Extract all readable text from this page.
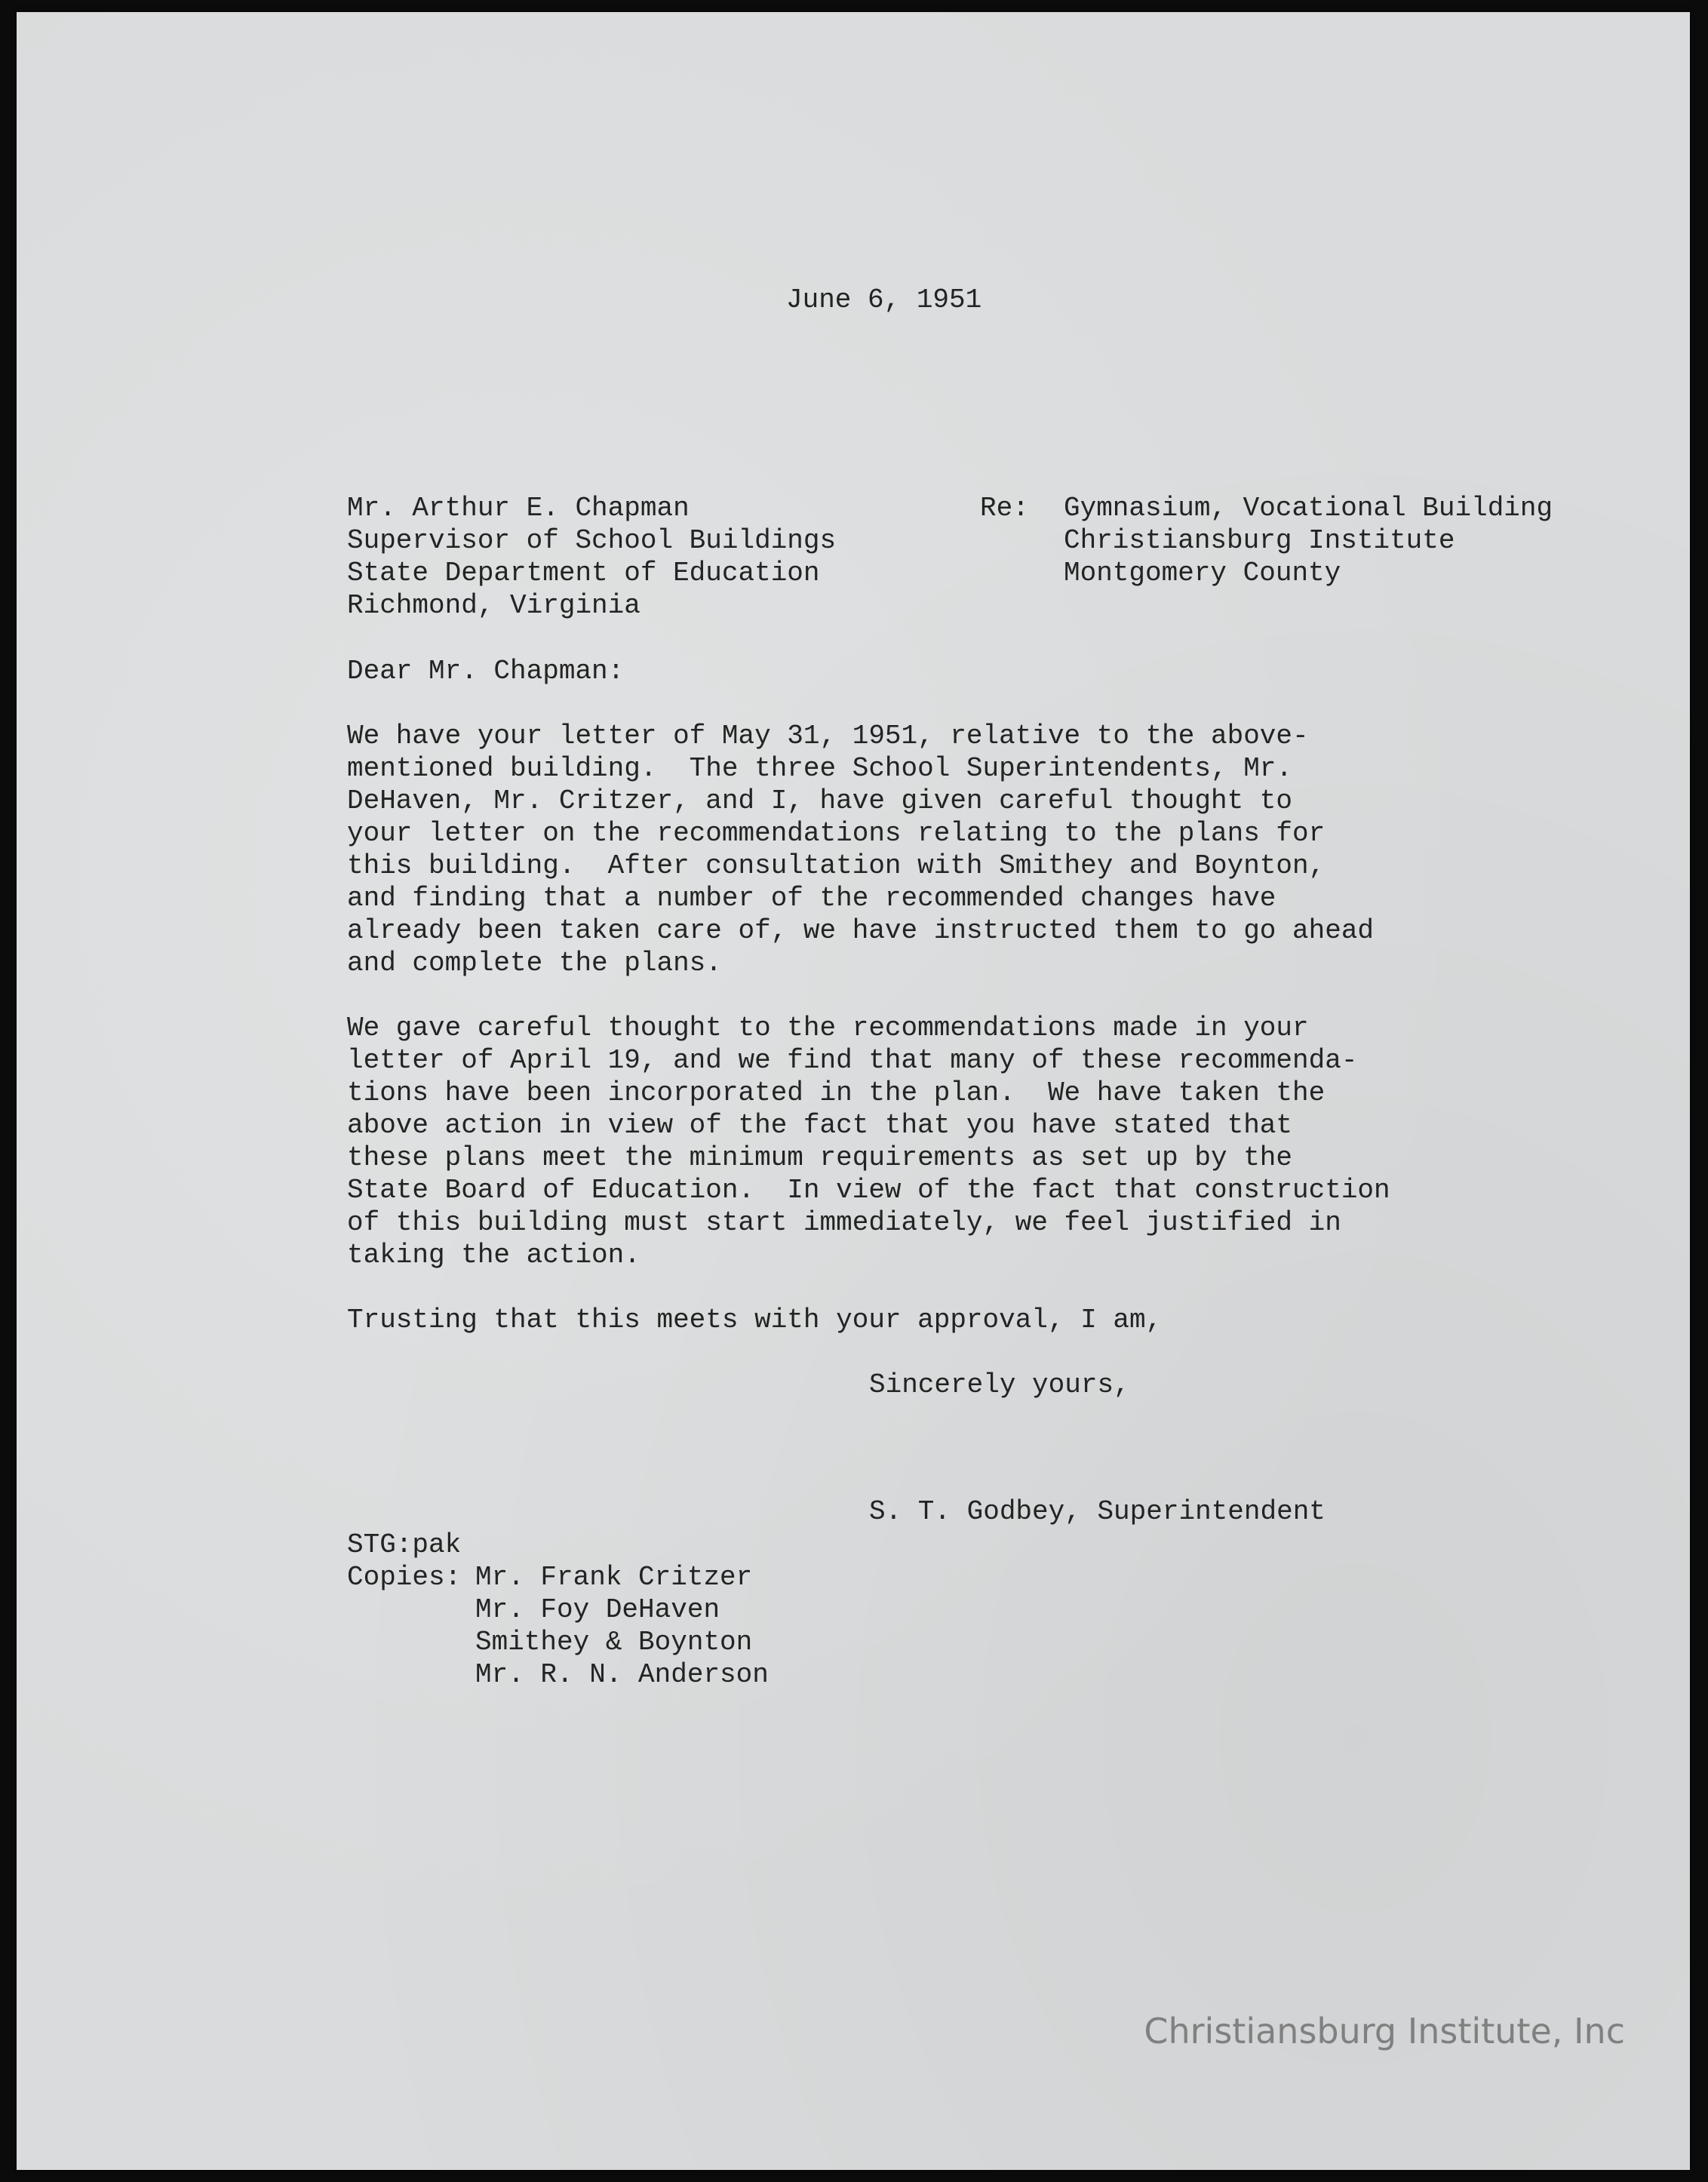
June 6, 1951

Mr. Arthur E. Chapman

Supervisor of School Buildings

State Department of Education

Richmond, Virginia

Re: Gymnasium, Vocational Building

Christiansburg Institute

Montgomery County

Dear Mr. Chapman:

We have your letter of May 31, 1951, relative to the above-

mentioned building.  The three School Superintendents, Mr.

DeHaven, Mr. Critzer, and I, have given careful thought to

your letter on the recommendations relating to the plans for

this building.  After consultation with Smithey and Boynton,

and finding that a number of the recommended changes have

already been taken care of, we have instructed them to go ahead

and complete the plans.

We gave careful thought to the recommendations made in your

letter of April 19, and we find that many of these recommenda-

tions have been incorporated in the plan.  We have taken the

above action in view of the fact that you have stated that

these plans meet the minimum requirements as set up by the

State Board of Education.  In view of the fact that construction

of this building must start immediately, we feel justified in

taking the action.

Trusting that this meets with your approval, I am,

Sincerely yours,

S. T. Godbey, Superintendent

STG:pak

Copies: Mr. Frank Critzer

Mr. Foy DeHaven

Smithey & Boynton

Mr. R. N. Anderson

Christiansburg Institute, Inc
